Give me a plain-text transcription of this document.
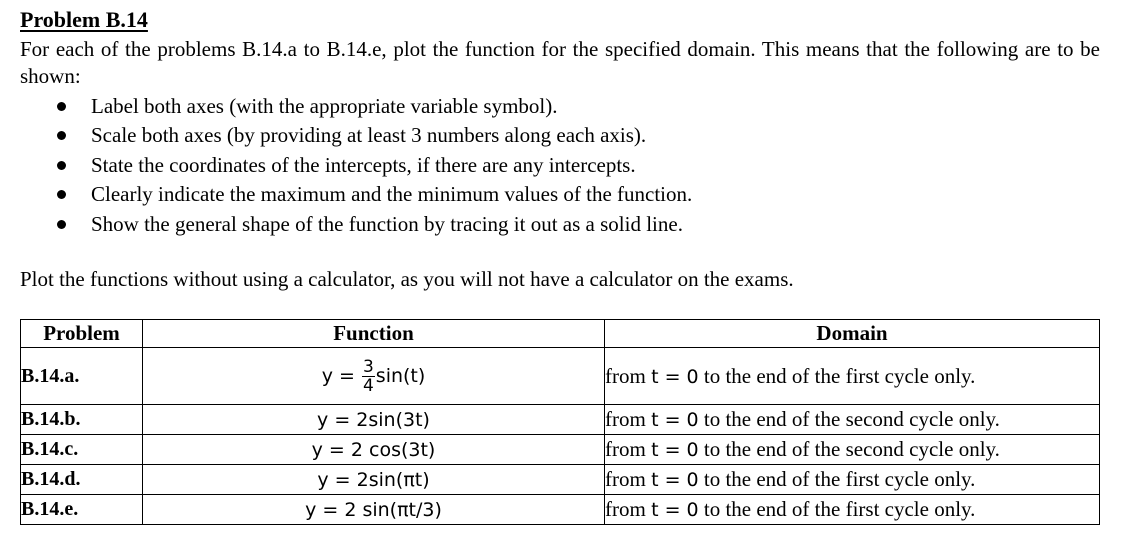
Problem B.14
For each of the problems B.14.a to B.14.e, plot the function for the specified domain. This means that the following are to be shown:
Label both axes (with the appropriate variable symbol).
Scale both axes (by providing at least 3 numbers along each axis).
State the coordinates of the intercepts, if there are any intercepts.
Clearly indicate the maximum and the minimum values of the function.
Show the general shape of the function by tracing it out as a solid line.
Plot the functions without using a calculator, as you will not have a calculator on the exams.
Problem	Function	Domain
B.14.a.	$y = \frac{3}{4} \sin(t)$	from t = 0 to the end of the first cycle only.
B.14.b.	y = 2sin(3t)	from t = 0 to the end of the second cycle only.
B.14.c.	y = 2 cos(3t)	from t = 0 to the end of the second cycle only.
B.14.d.	y = 2sin(πt)	from t = 0 to the end of the first cycle only.
B.14.e.	y = 2 sin(πt/3)	from t = 0 to the end of the first cycle only.
